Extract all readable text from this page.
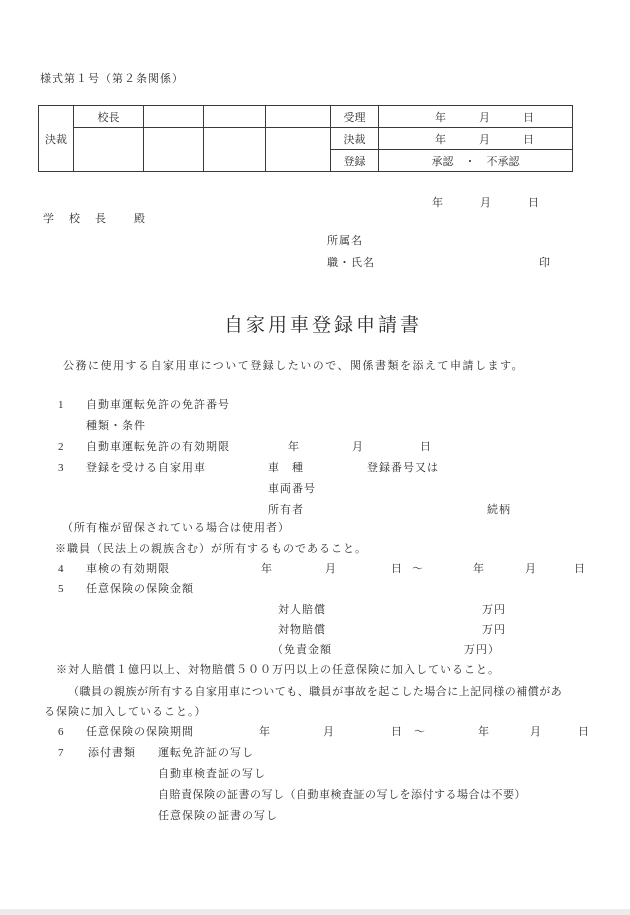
様式第１号（第２条関係）
決裁	校長				受理	年　　　月　　　日
					決裁	年　　　月　　　日
					登録	承認　・　不承認
年	月	日
学　校　長　　殿
所属名
職・氏名	印
自家用車登録申請書
公務に使用する自家用車について登録したいので、関係書類を添えて申請します。
1 自動車運転免許の免許番号
種類・条件
2 自動車運転免許の有効期限	年	月	日
3 登録を受ける自家用車	車　種	登録番号又は
車両番号
所有者	続柄
（所有権が留保されている場合は使用者）
※職員（民法上の親族含む）が所有するものであること。
4 車検の有効期限	年	月	日 ～	年	月	日
5 任意保険の保険金額
対人賠償	万円
対物賠償	万円
（免責金額	万円）
※対人賠償１億円以上、対物賠償５００万円以上の任意保険に加入していること。
（職員の親族が所有する自家用車についても、職員が事故を起こした場合に上記同様の補償があ
る保険に加入していること。）
6 任意保険の保険期間	年	月	日 ～	年	月	日
7 添付書類 運転免許証の写し
自動車検査証の写し
自賠責保険の証書の写し（自動車検査証の写しを添付する場合は不要）
任意保険の証書の写し
